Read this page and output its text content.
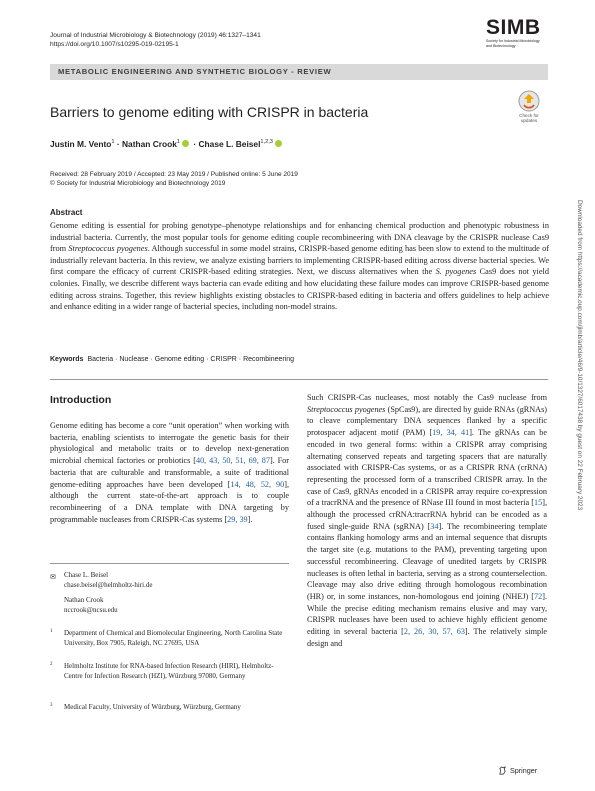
Journal of Industrial Microbiology & Biotechnology (2019) 46:1327–1341
https://doi.org/10.1007/s10295-019-02195-1
SIMB
Society for Industrial Microbiology and Biotechnology
METABOLIC ENGINEERING AND SYNTHETIC BIOLOGY - REVIEW
Check for
updates
Barriers to genome editing with CRISPR in bacteria
Justin M. Vento$^1$ · Nathan Crook$^1$ · Chase L. Beisel$^{1,2,3}$
Received: 28 February 2019 / Accepted: 23 May 2019 / Published online: 5 June 2019
© Society for Industrial Microbiology and Biotechnology 2019
Abstract
Genome editing is essential for probing genotype–phenotype relationships and for enhancing chemical production and phenotypic robustness in industrial bacteria. Currently, the most popular tools for genome editing couple recombineering with DNA cleavage by the CRISPR nuclease Cas9 from Streptococcus pyogenes. Although successful in some model strains, CRISPR-based genome editing has been slow to extend to the multitude of industrially relevant bacteria. In this review, we analyze existing barriers to implementing CRISPR-based editing across diverse bacterial species. We first compare the efficacy of current CRISPR-based editing strategies. Next, we discuss alternatives when the S. pyogenes Cas9 does not yield colonies. Finally, we describe different ways bacteria can evade editing and how elucidating these failure modes can improve CRISPR-based genome editing across strains. Together, this review highlights existing obstacles to CRISPR-based editing in bacteria and offers guidelines to help achieve and enhance editing in a wider range of bacterial species, including non-model strains.
Keywords Bacteria · Nuclease · Genome editing · CRISPR · Recombineering
Introduction
Genome editing has become a core “unit operation” when working with bacteria, enabling scientists to interrogate the genetic basis for their physiological and metabolic traits or to develop next-generation microbial chemical factories or probiotics [40, 43, 50, 51, 69, 87]. For bacteria that are culturable and transformable, a suite of traditional genome-editing approaches have been developed [14, 48, 52, 90], although the current state-of-the-art approach is to couple recombineering of a DNA template with DNA targeting by programmable nucleases from CRISPR-Cas systems [29, 39].
Such CRISPR-Cas nucleases, most notably the Cas9 nuclease from Streptococcus pyogenes (SpCas9), are directed by guide RNAs (gRNAs) to cleave complementary DNA sequences flanked by a specific protospacer adjacent motif (PAM) [19, 34, 41]. The gRNAs can be encoded in two general forms: within a CRISPR array comprising alternating conserved repeats and targeting spacers that are naturally associated with CRISPR-Cas systems, or as a CRISPR RNA (crRNA) representing the processed form of a transcribed CRISPR array. In the case of Cas9, gRNAs encoded in a CRISPR array require co-expression of a tracrRNA and the presence of RNase III found in most bacteria [15], although the processed crRNA:tracrRNA hybrid can be encoded as a fused single-guide RNA (sgRNA) [34]. The recombineering template contains flanking homology arms and an internal sequence that disrupts the target site (e.g. mutations to the PAM), preventing targeting upon successful recombineering. Cleavage of unedited targets by CRISPR nucleases is often lethal in bacteria, serving as a strong counterselection. Cleavage may also drive editing through homologous recombination (HR) or, in some instances, non-homologous end joining (NHEJ) [72]. While the precise editing mechanism remains elusive and may vary, CRISPR nucleases have been used to achieve highly efficient genome editing in several bacteria [2, 26, 30, 57, 63]. The relatively simple design and
✉ Chase L. Beisel
chase.beisel@helmholtz-hiri.de
Nathan Crook
nccrook@ncsu.edu
1	Department of Chemical and Biomolecular Engineering, North Carolina State University, Box 7905, Raleigh, NC 27695, USA
2	Helmholtz Institute for RNA-based Infection Research (HIRI), Helmholtz-Centre for Infection Research (HZI), Würzburg 97080, Germany
3	Medical Faculty, University of Würzburg, Würzburg, Germany
Springer
Downloaded from https://academic.oup.com/jimb/article/46/9-10/1327/6017438 by guest on 22 February 2023
